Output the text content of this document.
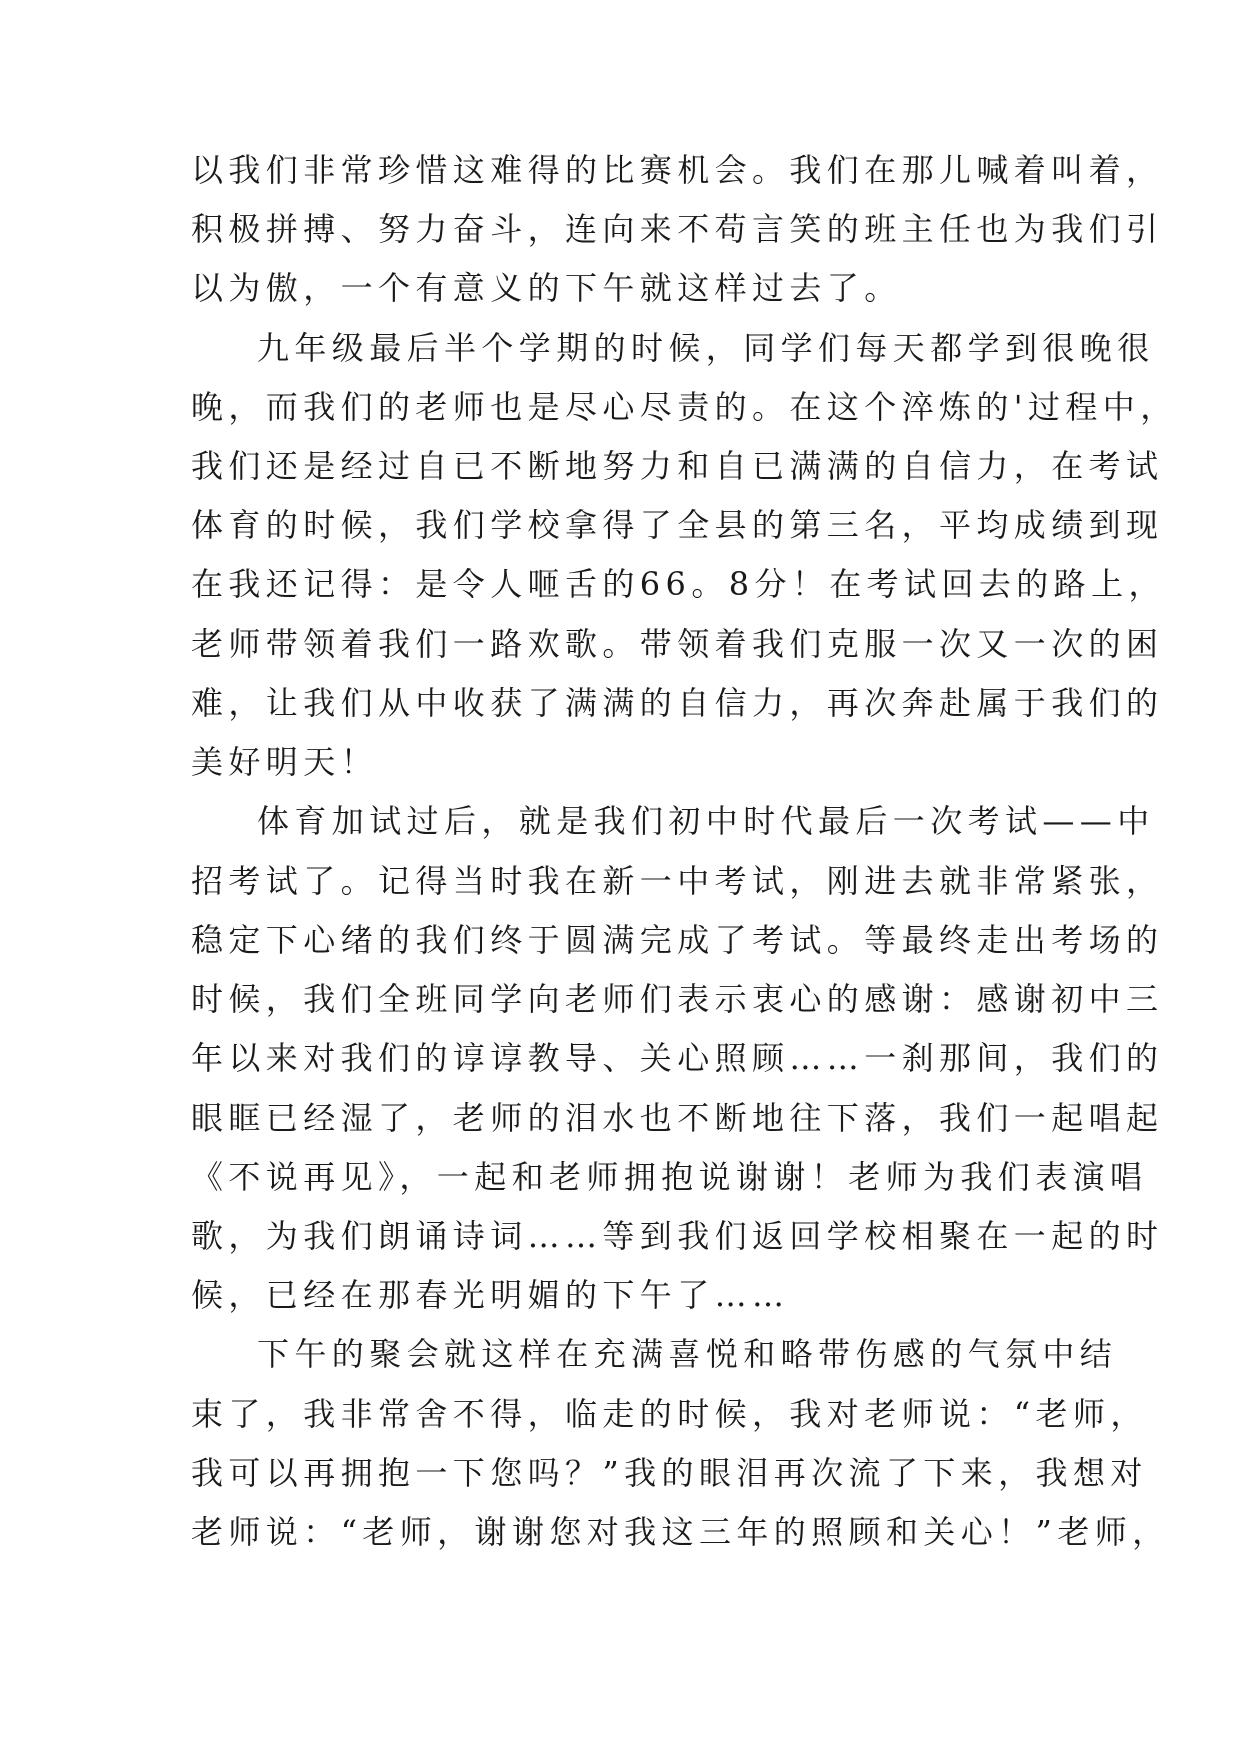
以我们非常珍惜这难得的比赛机会。我们在那儿喊着叫着，
积极拼搏、努力奋斗，连向来不苟言笑的班主任也为我们引
以为傲，一个有意义的下午就这样过去了。
九年级最后半个学期的时候，同学们每天都学到很晚很
晚，而我们的老师也是尽心尽责的。在这个淬炼的'过程中，
我们还是经过自已不断地努力和自已满满的自信力，在考试
体育的时候，我们学校拿得了全县的第三名，平均成绩到现
在我还记得：是令人咂舌的66。8分！在考试回去的路上，
老师带领着我们一路欢歌。带领着我们克服一次又一次的困
难，让我们从中收获了满满的自信力，再次奔赴属于我们的
美好明天！
体育加试过后，就是我们初中时代最后一次考试——中
招考试了。记得当时我在新一中考试，刚进去就非常紧张，
稳定下心绪的我们终于圆满完成了考试。等最终走出考场的
时候，我们全班同学向老师们表示衷心的感谢：感谢初中三
年以来对我们的谆谆教导、关心照顾……一刹那间，我们的
眼眶已经湿了，老师的泪水也不断地往下落，我们一起唱起
《不说再见》，一起和老师拥抱说谢谢！老师为我们表演唱
歌，为我们朗诵诗词……等到我们返回学校相聚在一起的时
候，已经在那春光明媚的下午了……
下午的聚会就这样在充满喜悦和略带伤感的气氛中结
束了，我非常舍不得，临走的时候，我对老师说：“老师，
我可以再拥抱一下您吗？”我的眼泪再次流了下来，我想对
老师说：“老师，谢谢您对我这三年的照顾和关心！”老师，
